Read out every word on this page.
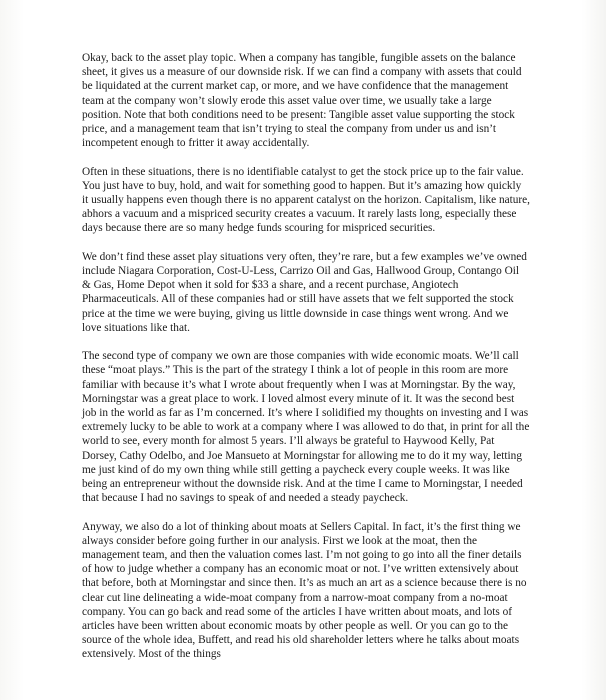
Okay, back to the asset play topic. When a company has tangible, fungible assets on the balance sheet, it gives us a measure of our downside risk. If we can find a company with assets that could be liquidated at the current market cap, or more, and we have confidence that the management team at the company won’t slowly erode this asset value over time, we usually take a large position. Note that both conditions need to be present: Tangible asset value supporting the stock price, and a management team that isn’t trying to steal the company from under us and isn’t incompetent enough to fritter it away accidentally.

Often in these situations, there is no identifiable catalyst to get the stock price up to the fair value. You just have to buy, hold, and wait for something good to happen. But it’s amazing how quickly it usually happens even though there is no apparent catalyst on the horizon. Capitalism, like nature, abhors a vacuum and a mispriced security creates a vacuum. It rarely lasts long, especially these days because there are so many hedge funds scouring for mispriced securities.

We don’t find these asset play situations very often, they’re rare, but a few examples we’ve owned include Niagara Corporation, Cost-U-Less, Carrizo Oil and Gas, Hallwood Group, Contango Oil & Gas, Home Depot when it sold for $33 a share, and a recent purchase, Angiotech Pharmaceuticals. All of these companies had or still have assets that we felt supported the stock price at the time we were buying, giving us little downside in case things went wrong. And we love situations like that.

The second type of company we own are those companies with wide economic moats. We’ll call these “moat plays.” This is the part of the strategy I think a lot of people in this room are more familiar with because it’s what I wrote about frequently when I was at Morningstar. By the way, Morningstar was a great place to work. I loved almost every minute of it. It was the second best job in the world as far as I’m concerned. It’s where I solidified my thoughts on investing and I was extremely lucky to be able to work at a company where I was allowed to do that, in print for all the world to see, every month for almost 5 years. I’ll always be grateful to Haywood Kelly, Pat Dorsey, Cathy Odelbo, and Joe Mansueto at Morningstar for allowing me to do it my way, letting me just kind of do my own thing while still getting a paycheck every couple weeks. It was like being an entrepreneur without the downside risk. And at the time I came to Morningstar, I needed that because I had no savings to speak of and needed a steady paycheck.

Anyway, we also do a lot of thinking about moats at Sellers Capital. In fact, it’s the first thing we always consider before going further in our analysis. First we look at the moat, then the management team, and then the valuation comes last. I’m not going to go into all the finer details of how to judge whether a company has an economic moat or not. I’ve written extensively about that before, both at Morningstar and since then. It’s as much an art as a science because there is no clear cut line delineating a wide-moat company from a narrow-moat company from a no-moat company. You can go back and read some of the articles I have written about moats, and lots of articles have been written about economic moats by other people as well. Or you can go to the source of the whole idea, Buffett, and read his old shareholder letters where he talks about moats extensively. Most of the things
